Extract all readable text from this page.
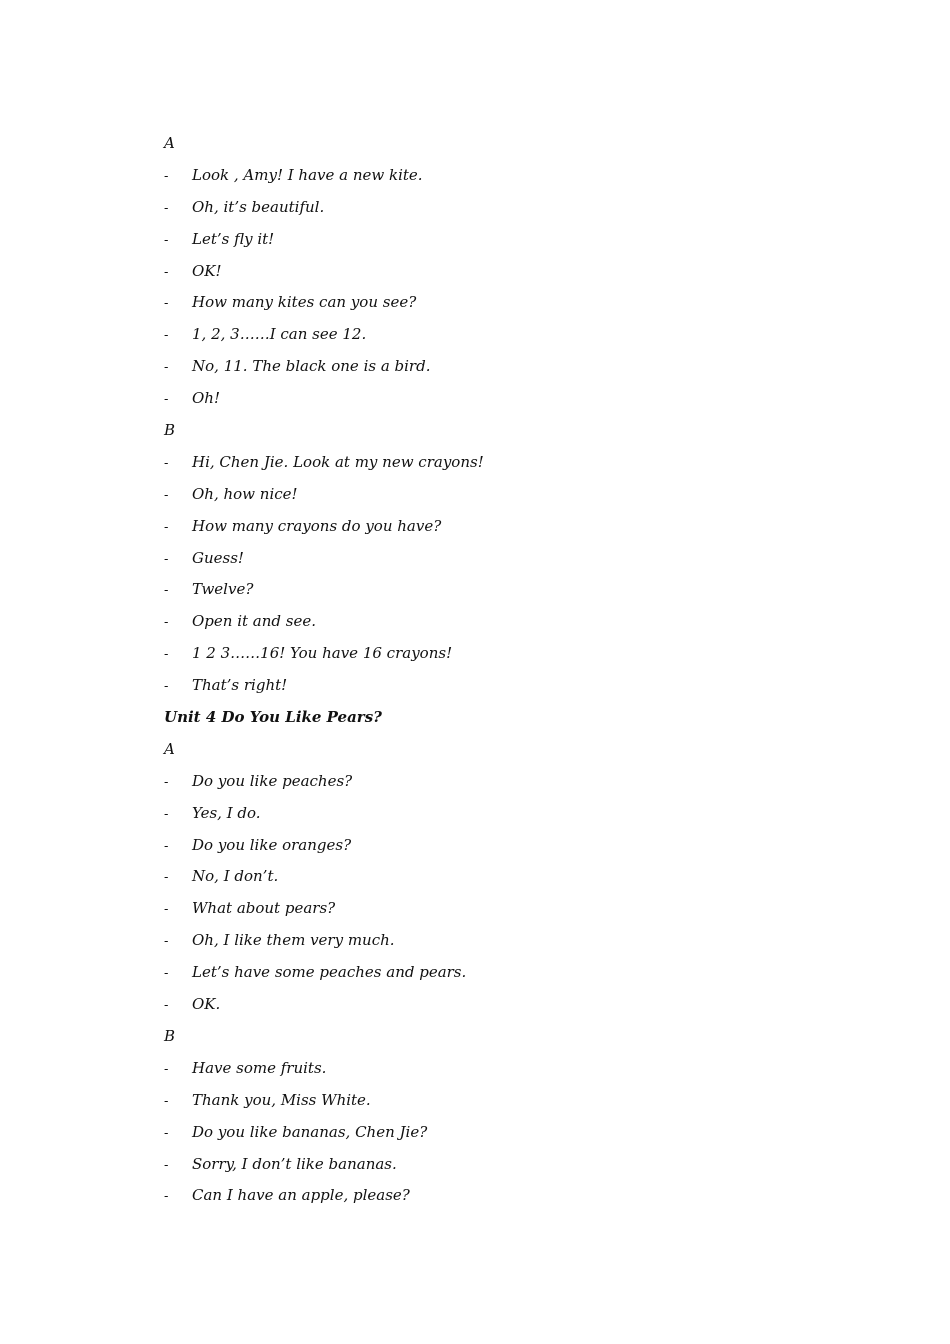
A
- Look , Amy! I have a new kite.
- Oh, it’s beautiful.
- Let’s fly it!
- OK!
- How many kites can you see?
- 1, 2, 3……I can see 12.
- No, 11. The black one is a bird.
- Oh!
B
- Hi, Chen Jie. Look at my new crayons!
- Oh, how nice!
- How many crayons do you have?
- Guess!
- Twelve?
- Open it and see.
- 1 2 3……16! You have 16 crayons!
- That’s right!
Unit 4 Do You Like Pears?
A
- Do you like peaches?
- Yes, I do.
- Do you like oranges?
- No, I don’t.
- What about pears?
- Oh, I like them very much.
- Let’s have some peaches and pears.
- OK.
B
- Have some fruits.
- Thank you, Miss White.
- Do you like bananas, Chen Jie?
- Sorry, I don’t like bananas.
- Can I have an apple, please?
